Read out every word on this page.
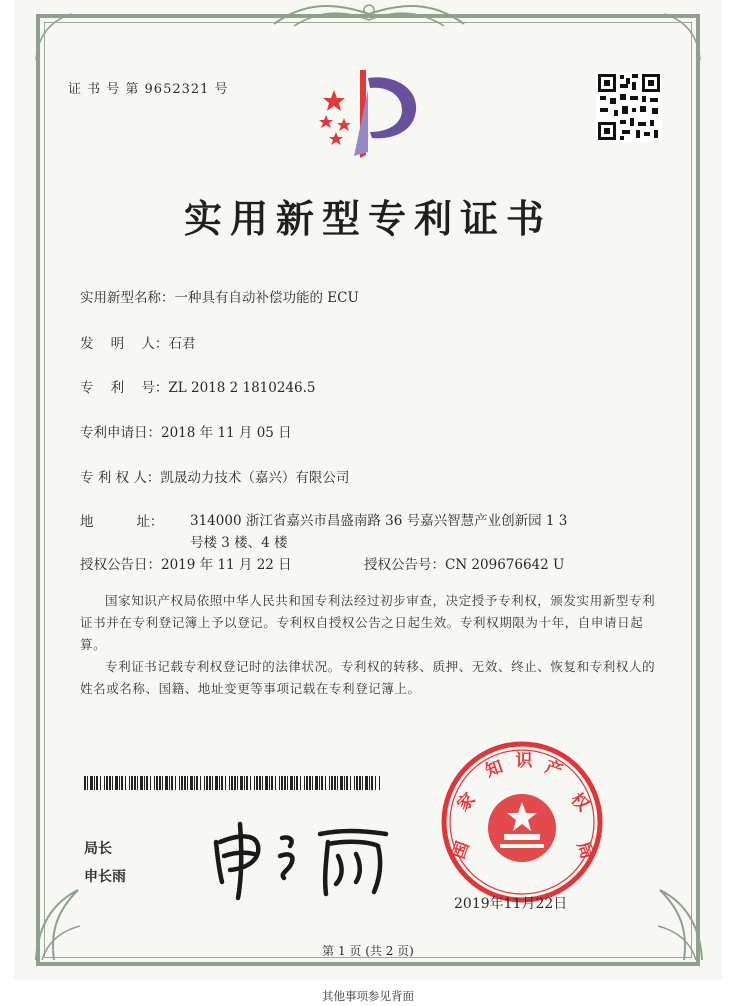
证 书 号 第 9652321 号
实用新型专利证书
实用新型名称：一种具有自动补偿功能的 ECU
发    明    人：石君
专    利    号：ZL 2018 2 1810246.5
专利申请日：2018 年 11 月 05 日
专 利 权 人：凯晟动力技术（嘉兴）有限公司
地          址： 314000 浙江省嘉兴市昌盛南路 36 号嘉兴智慧产业创新园 1 3 号楼 3 楼、4 楼
授权公告日：2019 年 11 月 22 日	授权公告号：CN 209676642 U
国家知识产权局依照中华人民共和国专利法经过初步审查，决定授予专利权，颁发实用新型专利证书并在专利登记簿上予以登记。专利权自授权公告之日起生效。专利权期限为十年，自申请日起算。
专利证书记载专利权登记时的法律状况。专利权的转移、质押、无效、终止、恢复和专利权人的姓名或名称、国籍、地址变更等事项记载在专利登记簿上。
局长
申长雨
国
家
知 识 产
权
局
2019年11月22日
第 1 页 (共 2 页)
其他事项参见背面
